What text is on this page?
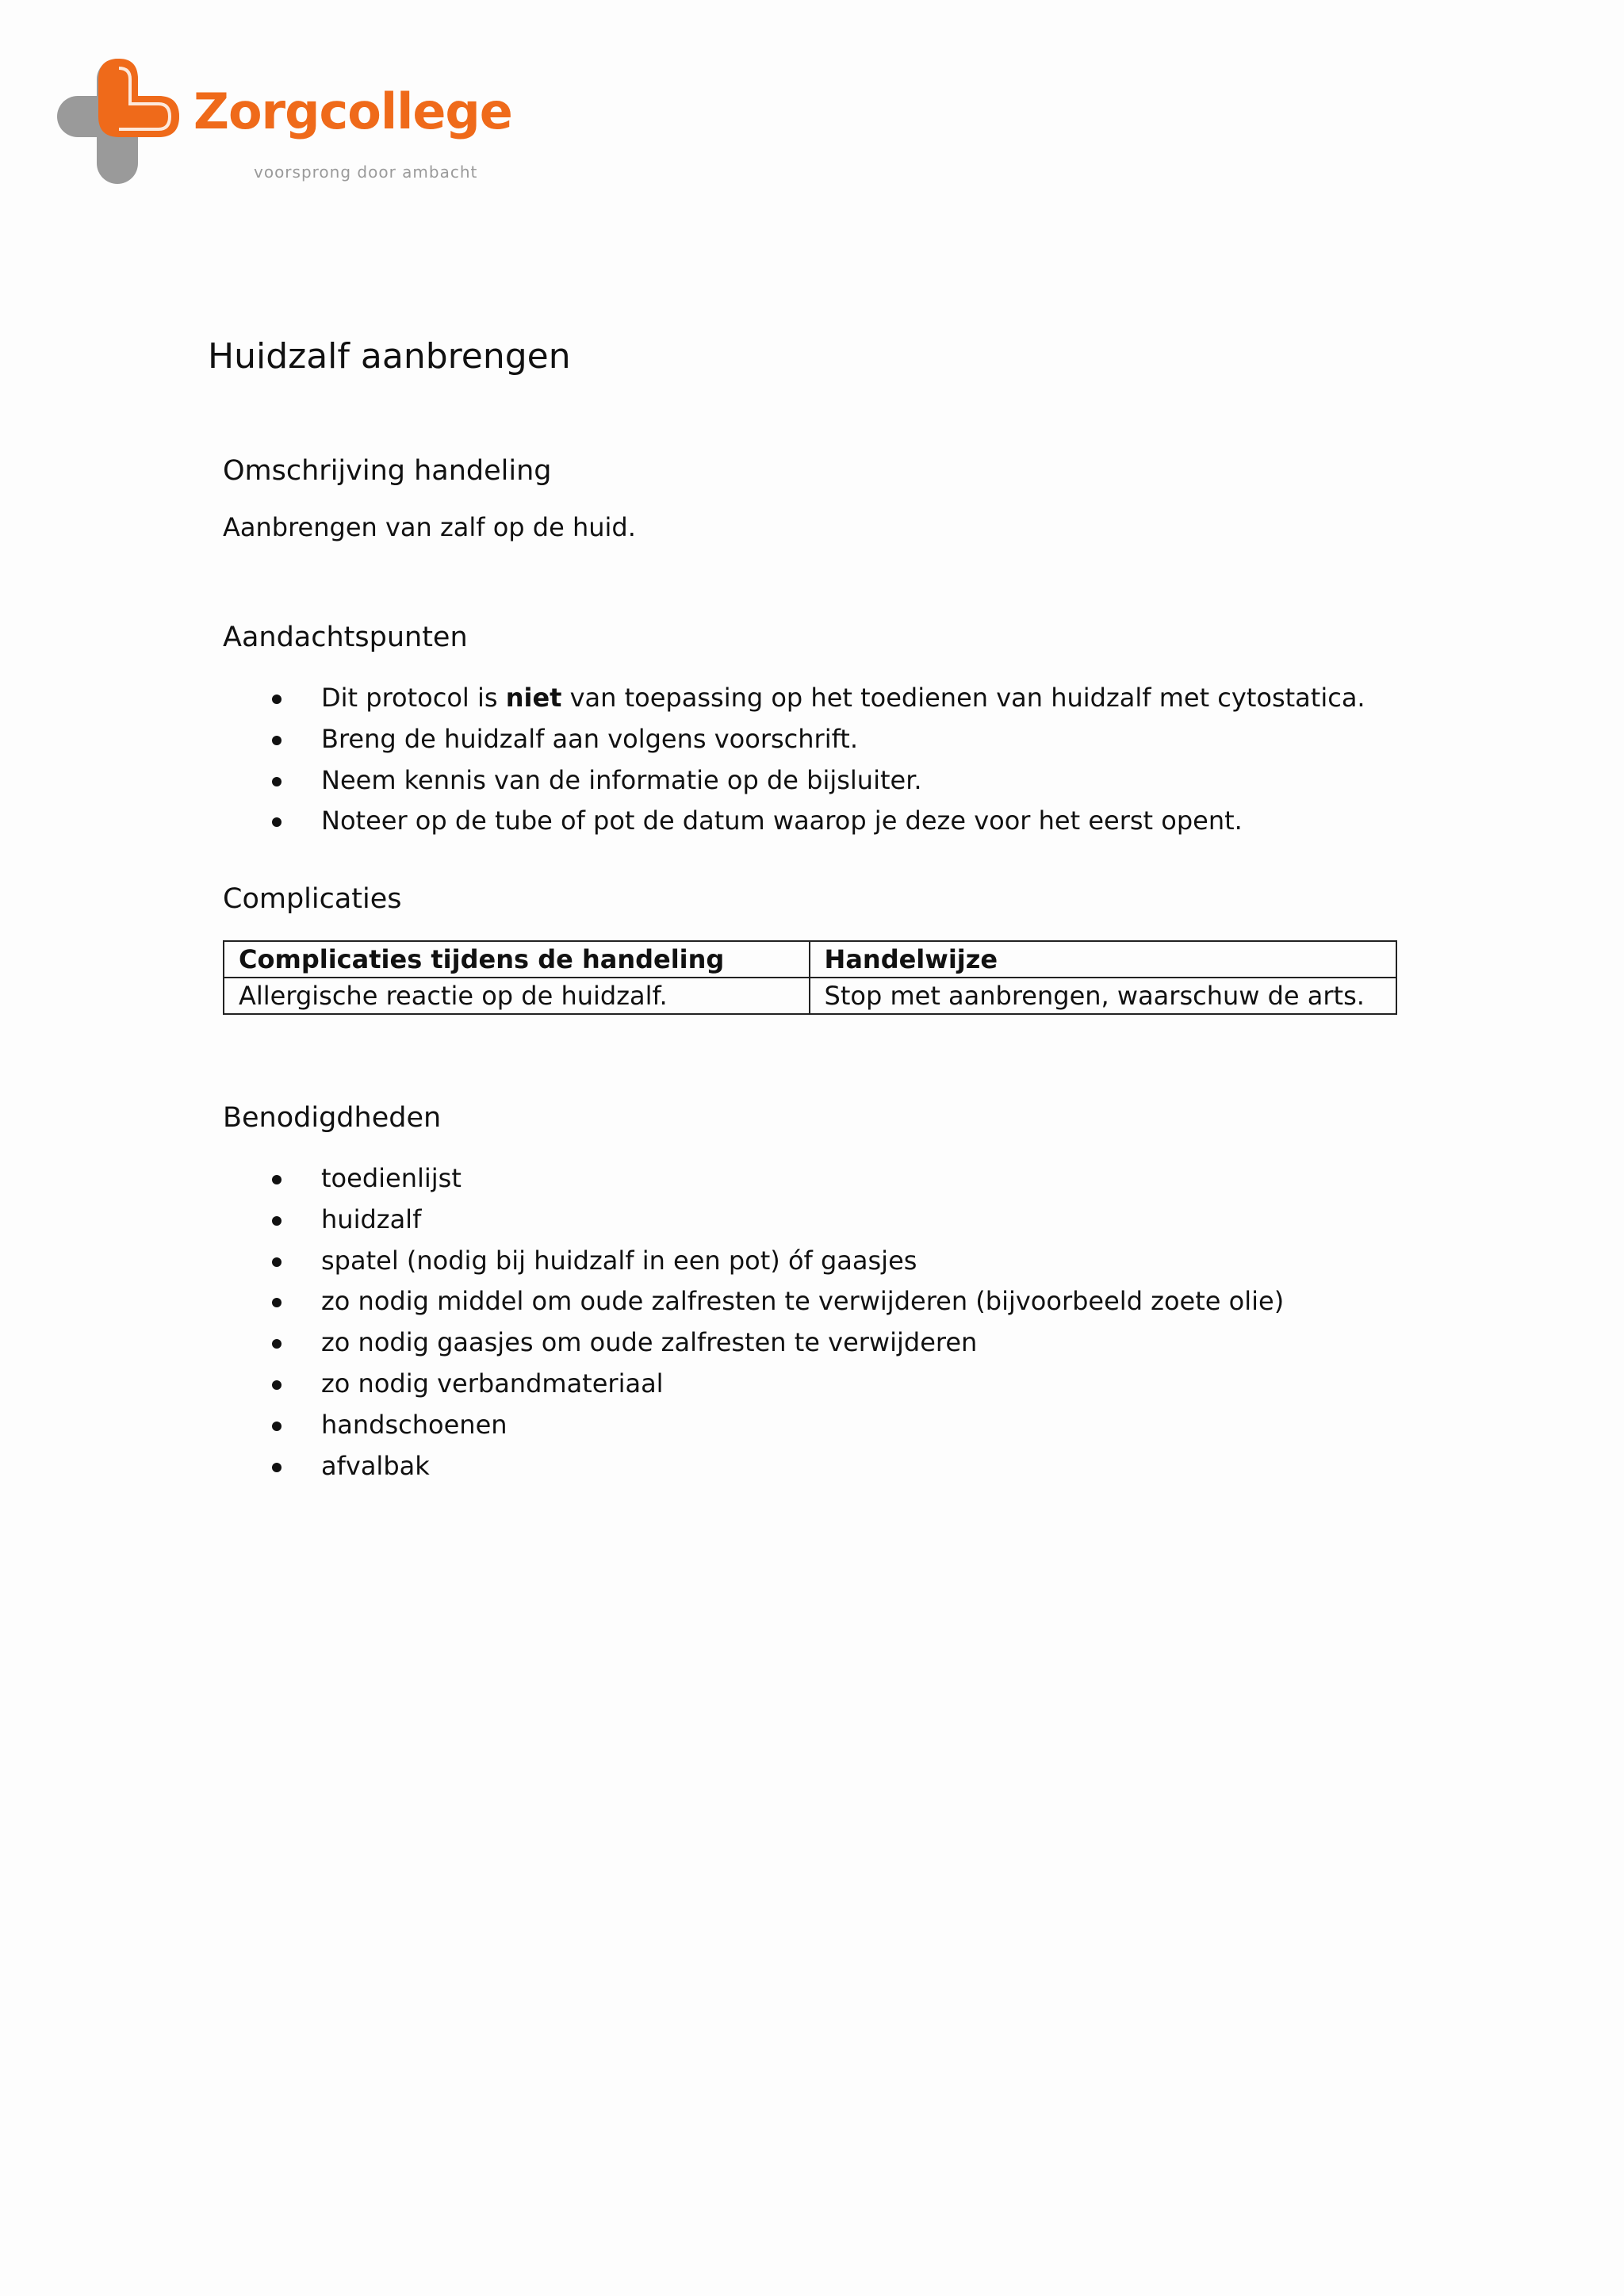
Zorgcollege
voorsprong door ambacht
Huidzalf aanbrengen
Omschrijving handeling

Aanbrengen van zalf op de huid.

Aandachtspunten
Dit protocol is niet van toepassing op het toedienen van huidzalf met cytostatica.
Breng de huidzalf aan volgens voorschrift.
Neem kennis van de informatie op de bijsluiter.
Noteer op de tube of pot de datum waarop je deze voor het eerst opent.
Complicaties
Complicaties tijdens de handeling	Handelwijze
Allergische reactie op de huidzalf.	Stop met aanbrengen, waarschuw de arts.
Benodigdheden
toedienlijst
huidzalf
spatel (nodig bij huidzalf in een pot) óf gaasjes
zo nodig middel om oude zalfresten te verwijderen (bijvoorbeeld zoete olie)
zo nodig gaasjes om oude zalfresten te verwijderen
zo nodig verbandmateriaal
handschoenen
afvalbak
